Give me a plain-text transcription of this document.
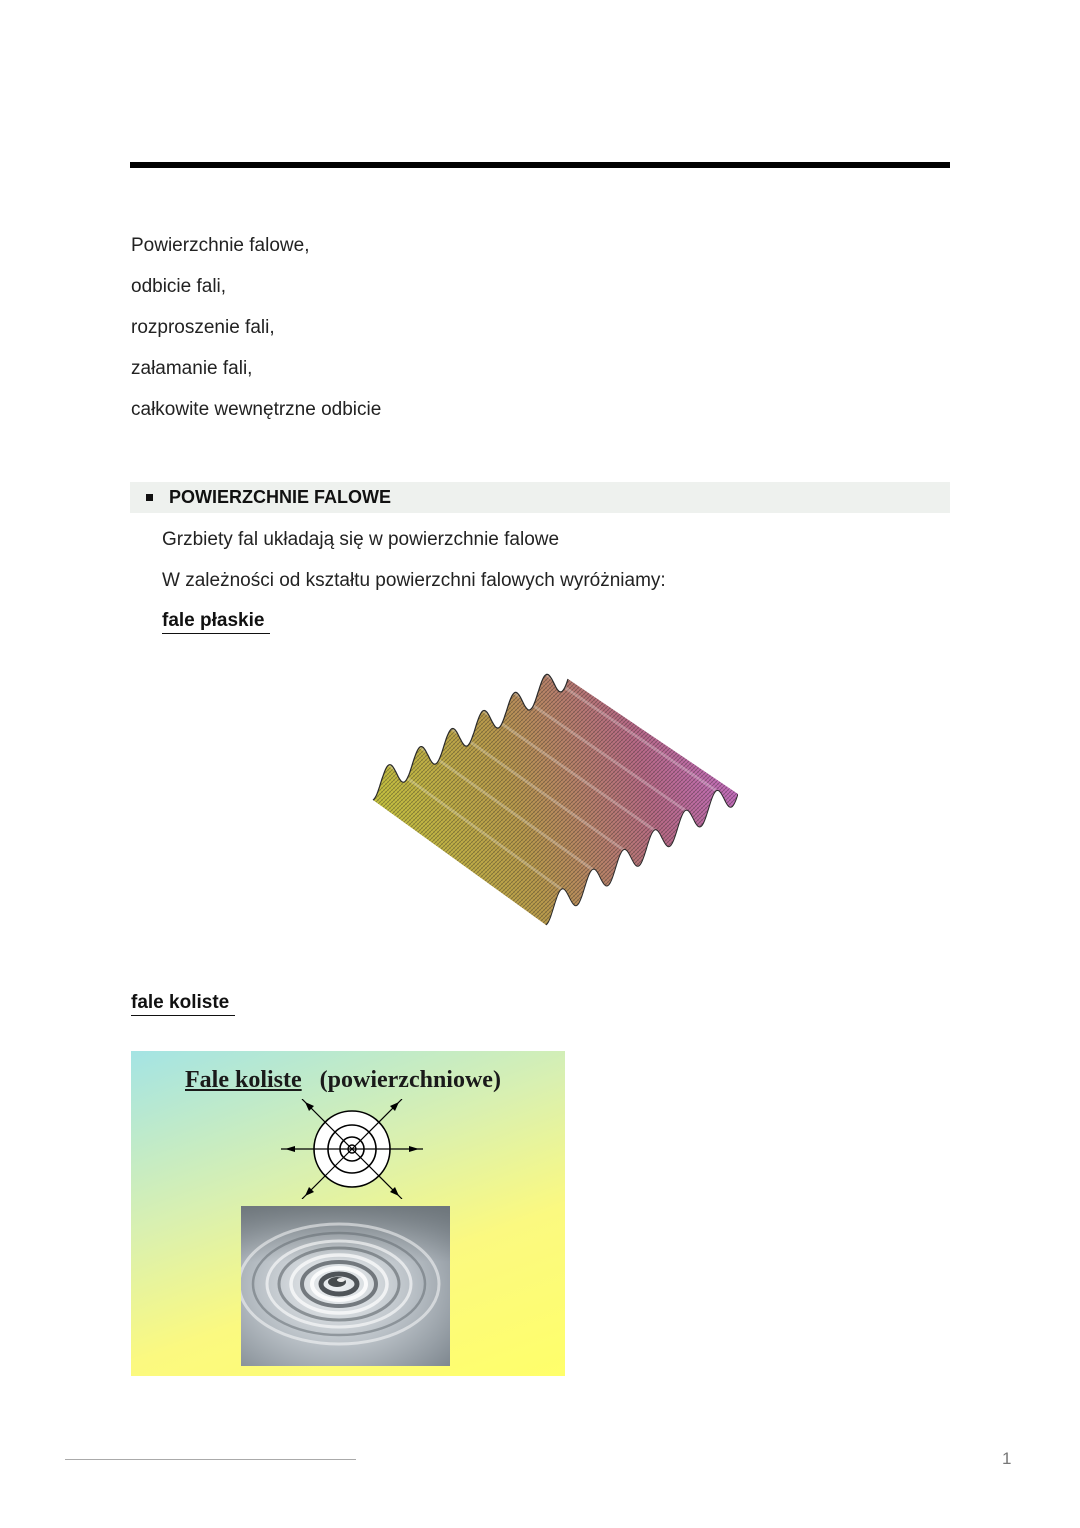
Powierzchnie falowe,
odbicie fali,
rozproszenie fali,
załamanie fali,
całkowite wewnętrzne odbicie
POWIERZCHNIE FALOWE
Grzbiety fal układają się w powierzchnie falowe
W zależności od kształtu powierzchni falowych wyróżniamy:
fale płaskie
fale koliste
Fale koliste (powierzchniowe)
1
